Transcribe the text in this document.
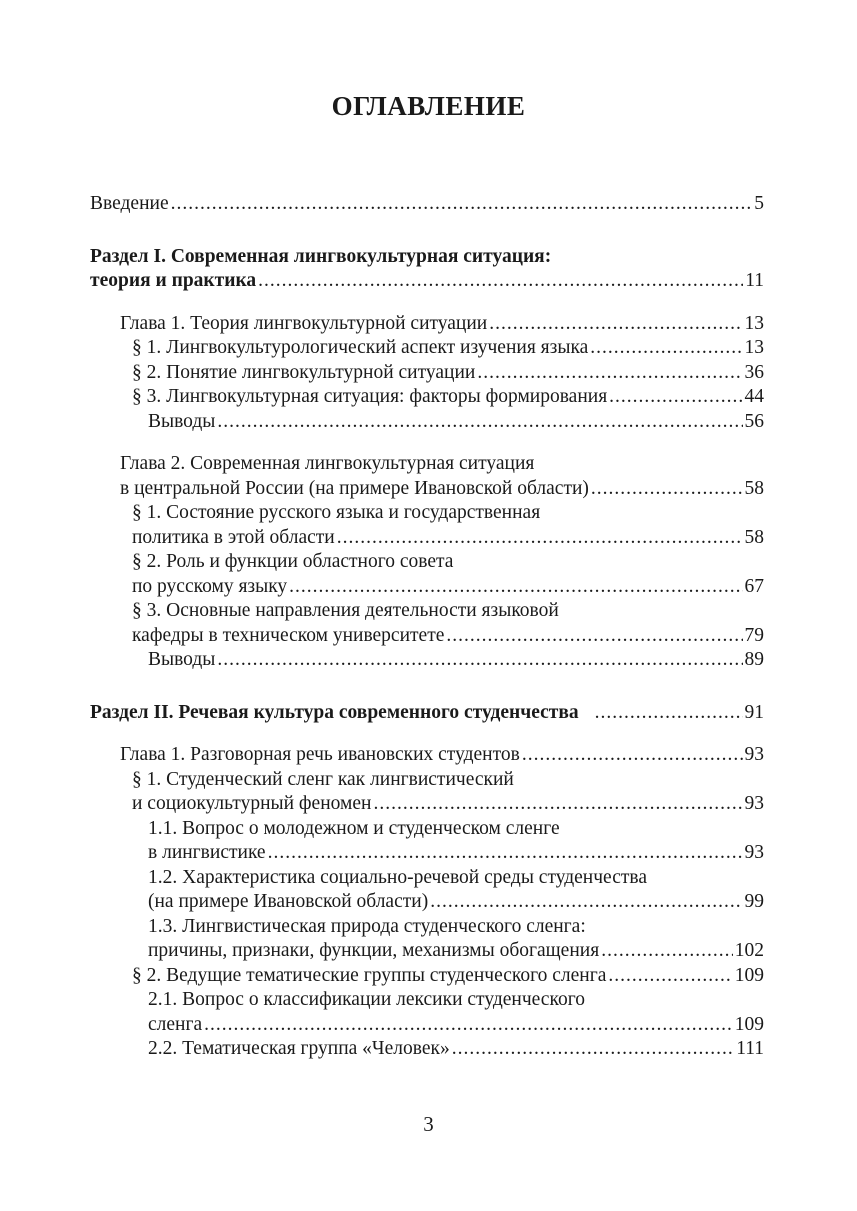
ОГЛАВЛЕНИЕ
Введение .....	5
Раздел I. Современная лингвокультурная ситуация:
теория и практика .....	11
Глава 1. Теория лингвокультурной ситуации .....	13
§ 1. Лингвокультурологический аспект изучения языка .....	13
§ 2. Понятие лингвокультурной ситуации .....	36
§ 3. Лингвокультурная ситуация: факторы формирования .....	44
Выводы .....	56
Глава 2. Современная лингвокультурная ситуация
в центральной России (на примере Ивановской области) .....	58
§ 1. Состояние русского языка и государственная
политика в этой области .....	58
§ 2. Роль и функции областного совета
по русскому языку .....	67
§ 3. Основные направления деятельности языковой
кафедры в техническом университете .....	79
Выводы .....	89
Раздел II. Речевая культура современного студенчества .....	91
Глава 1. Разговорная речь ивановских студентов .....	93
§ 1. Студенческий сленг как лингвистический
и социокультурный феномен .....	93
1.1. Вопрос о молодежном и студенческом сленге
в лингвистике .....	93
1.2. Характеристика социально-речевой среды студенчества
(на примере Ивановской области) .....	99
1.3. Лингвистическая природа студенческого сленга:
причины, признаки, функции, механизмы обогащения .....	102
§ 2. Ведущие тематические группы студенческого сленга .....	109
2.1. Вопрос о классификации лексики студенческого
сленга .....	109
2.2. Тематическая группа «Человек» .....	111
3
